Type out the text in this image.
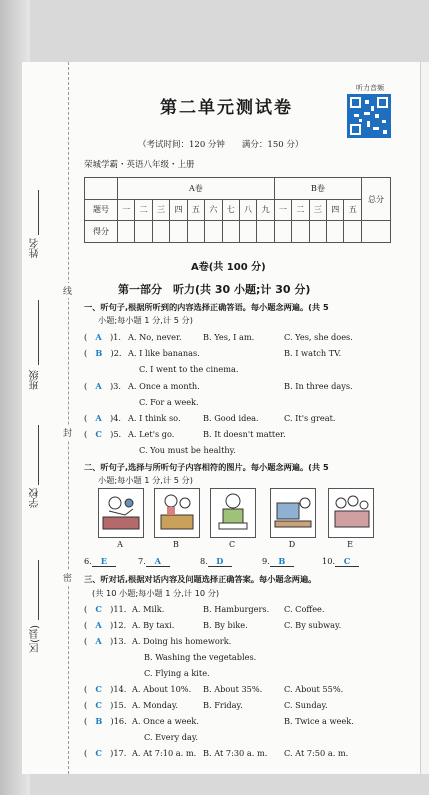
姓名
班级
学校
区(县)
线
封
密
第二单元测试卷
听力音频
（考试时间：120 分钟　　满分：150 分）
荣城学霸・英语八年级・上册
	A卷									B卷					总分
题号	一	二	三	四	五	六	七	八	九	一	二	三	四	五	
得分															
A卷(共 100 分)
第一部分　听力(共 30 小题;计 30 分)
一、听句子,根据所听到的内容选择正确答语。每小题念两遍。(共 5
小题;每小题 1 分,计 5 分)
(　A　)1. A. No, never.	B. Yes, I am.	C. Yes, she does.
(　B　)2. A. I like bananas.	B. I watch TV.
C. I went to the cinema.
(　A　)3. A. Once a month.	B. In three days.
C. For a week.
(　A　)4. A. I think so.	B. Good idea.	C. It's great.
(　C　)5. A. Let's go.	B. It doesn't matter.
C. You must be healthy.
二、听句子,选择与所听句子内容相符的图片。每小题念两遍。(共 5
小题;每小题 1 分,计 5 分)
A	B	C	D	E
6. E	7. A	8. D	9. B	10. C
三、听对话,根据对话内容及问题选择正确答案。每小题念两遍。
(共 10 小题;每小题 1 分,计 10 分)
(　C　)11. A. Milk.	B. Hamburgers. C. Coffee.
(　A　)12. A. By taxi.	B. By bike.	C. By subway.
(　A　)13. A. Doing his homework.
B. Washing the vegetables.
C. Flying a kite.
(　C　)14. A. About 10%. B. About 35%.	C. About 55%.
(　C　)15. A. Monday.	B. Friday.	C. Sunday.
(　B　)16. A. Once a week.	B. Twice a week.
C. Every day.
(　C　)17. A. At 7:10 a. m. B. At 7:30 a. m. C. At 7:50 a. m.
